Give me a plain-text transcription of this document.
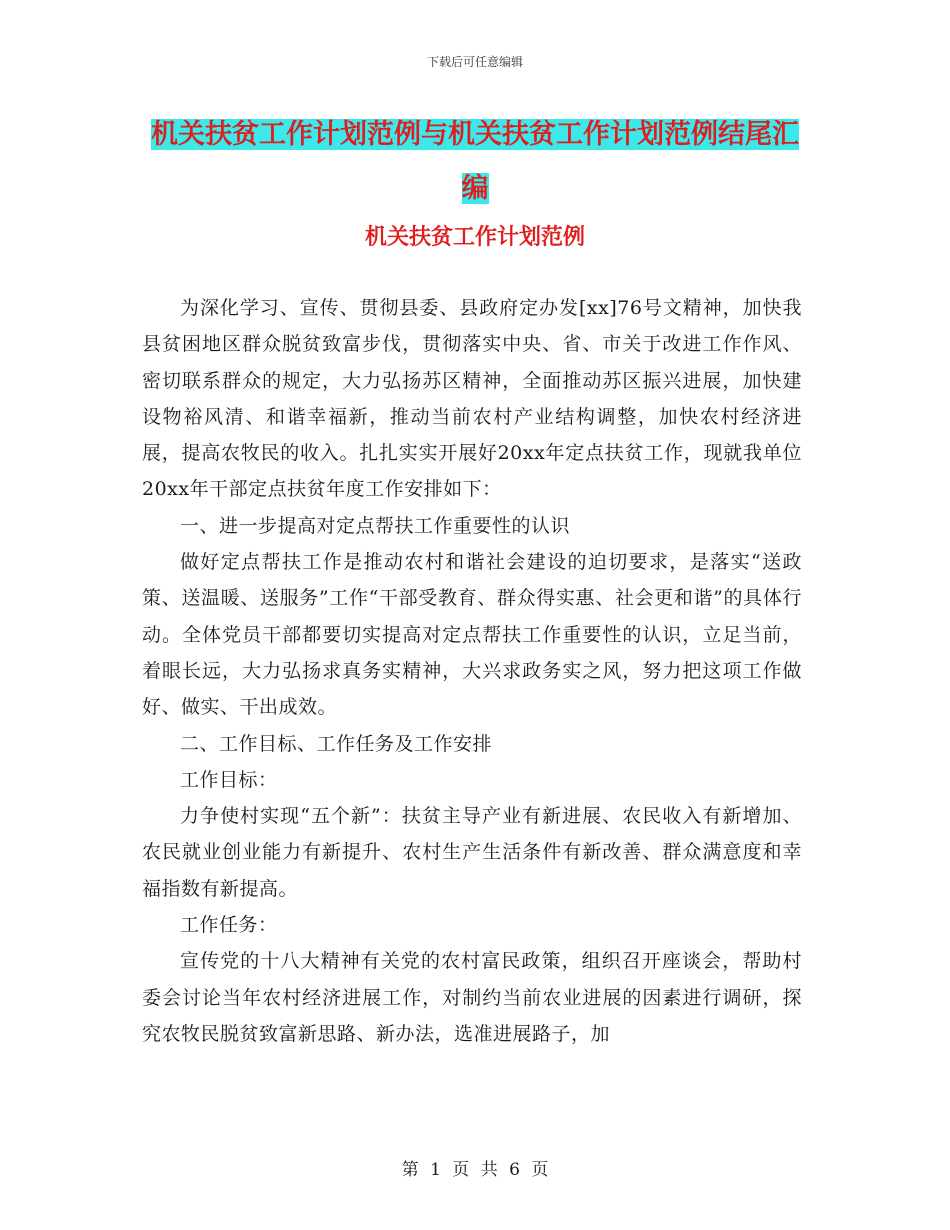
下载后可任意编辑
机关扶贫工作计划范例与机关扶贫工作计划范例结尾汇编
机关扶贫工作计划范例

为深化学习、宣传、贯彻县委、县政府定办发[xx]76号文精神，加快我县贫困地区群众脱贫致富步伐，贯彻落实中央、省、市关于改进工作作风、密切联系群众的规定，大力弘扬苏区精神，全面推动苏区振兴进展，加快建设物裕风清、和谐幸福新，推动当前农村产业结构调整，加快农村经济进展，提高农牧民的收入。扎扎实实开展好20xx年定点扶贫工作，现就我单位20xx年干部定点扶贫年度工作安排如下：

一、进一步提高对定点帮扶工作重要性的认识

做好定点帮扶工作是推动农村和谐社会建设的迫切要求，是落实“送政策、送温暖、送服务”工作“干部受教育、群众得实惠、社会更和谐”的具体行动。全体党员干部都要切实提高对定点帮扶工作重要性的认识，立足当前，着眼长远，大力弘扬求真务实精神，大兴求政务实之风，努力把这项工作做好、做实、干出成效。

二、工作目标、工作任务及工作安排

工作目标：

力争使村实现“五个新”：扶贫主导产业有新进展、农民收入有新增加、农民就业创业能力有新提升、农村生产生活条件有新改善、群众满意度和幸福指数有新提高。

工作任务：

宣传党的十八大精神有关党的农村富民政策，组织召开座谈会，帮助村委会讨论当年农村经济进展工作，对制约当前农业进展的因素进行调研，探究农牧民脱贫致富新思路、新办法，选准进展路子，加

第 1 页 共 6 页
